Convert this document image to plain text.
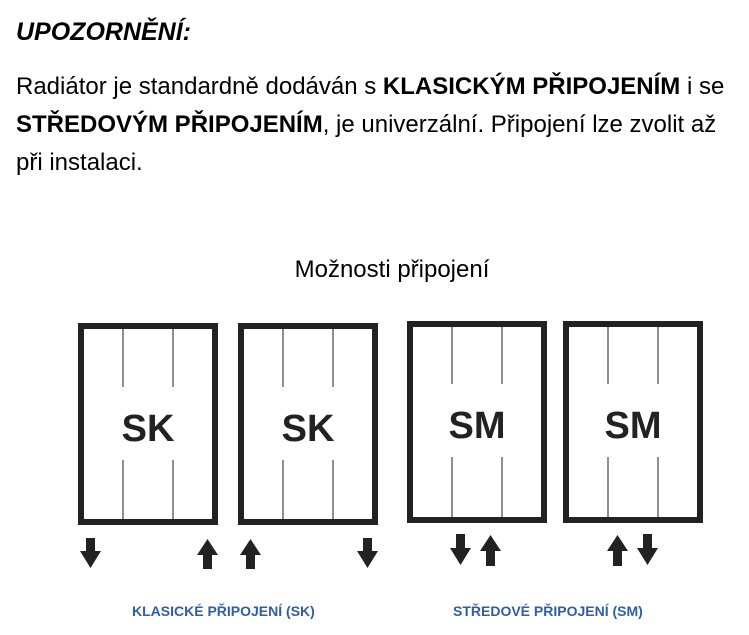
UPOZORNĚNÍ:

Radiátor je standardně dodáván s KLASICKÝM PŘIPOJENÍM i se STŘEDOVÝM PŘIPOJENÍM, je univerzální. Připojení lze zvolit až při instalaci.

Možnosti připojení

SK	SK	SM	SM

KLASICKÉ PŘIPOJENÍ (SK)	STŘEDOVÉ PŘIPOJENÍ (SM)
